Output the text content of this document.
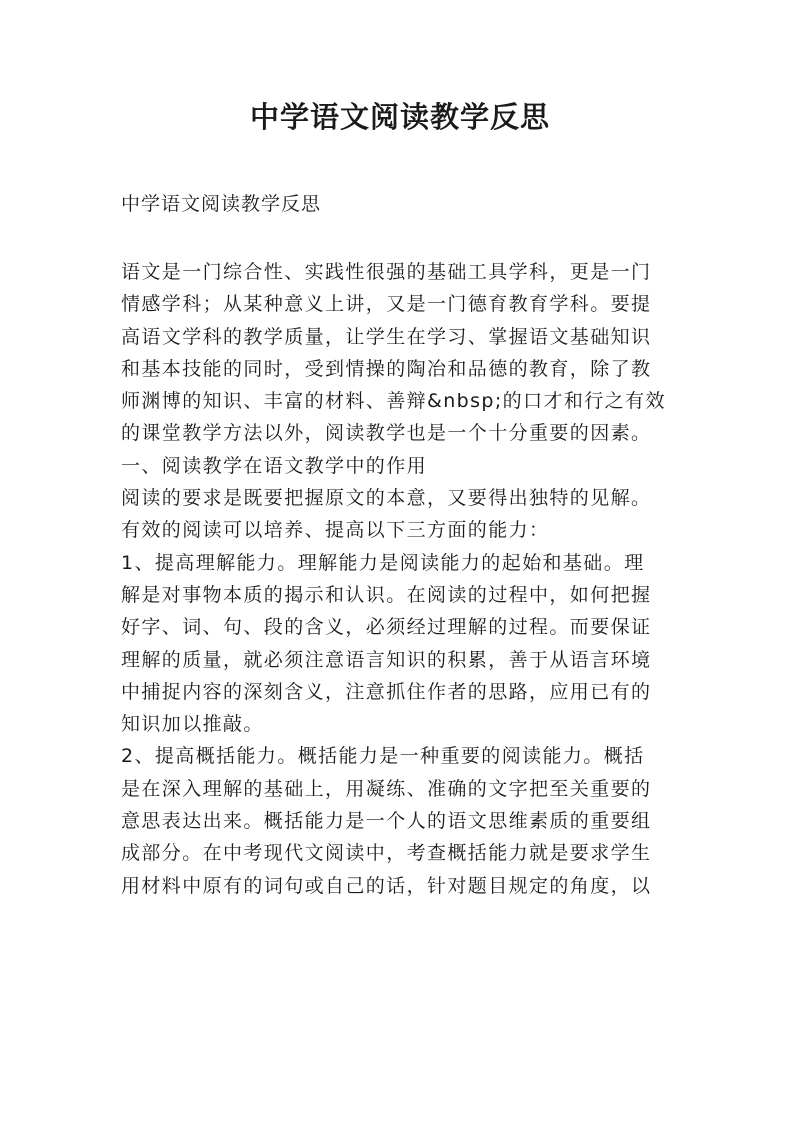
中学语文阅读教学反思
中学语文阅读教学反思
语文是一门综合性、实践性很强的基础工具学科，更是一门
情感学科；从某种意义上讲，又是一门德育教育学科。要提
高语文学科的教学质量，让学生在学习、掌握语文基础知识
和基本技能的同时，受到情操的陶冶和品德的教育，除了教
师渊博的知识、丰富的材料、善辩&nbsp;的口才和行之有效
的课堂教学方法以外，阅读教学也是一个十分重要的因素。
一、阅读教学在语文教学中的作用
阅读的要求是既要把握原文的本意，又要得出独特的见解。
有效的阅读可以培养、提高以下三方面的能力：
1、提高理解能力。理解能力是阅读能力的起始和基础。理
解是对事物本质的揭示和认识。在阅读的过程中，如何把握
好字、词、句、段的含义，必须经过理解的过程。而要保证
理解的质量，就必须注意语言知识的积累，善于从语言环境
中捕捉内容的深刻含义，注意抓住作者的思路，应用已有的
知识加以推敲。
2、提高概括能力。概括能力是一种重要的阅读能力。概括
是在深入理解的基础上，用凝练、准确的文字把至关重要的
意思表达出来。概括能力是一个人的语文思维素质的重要组
成部分。在中考现代文阅读中，考查概括能力就是要求学生
用材料中原有的词句或自己的话，针对题目规定的角度，以
